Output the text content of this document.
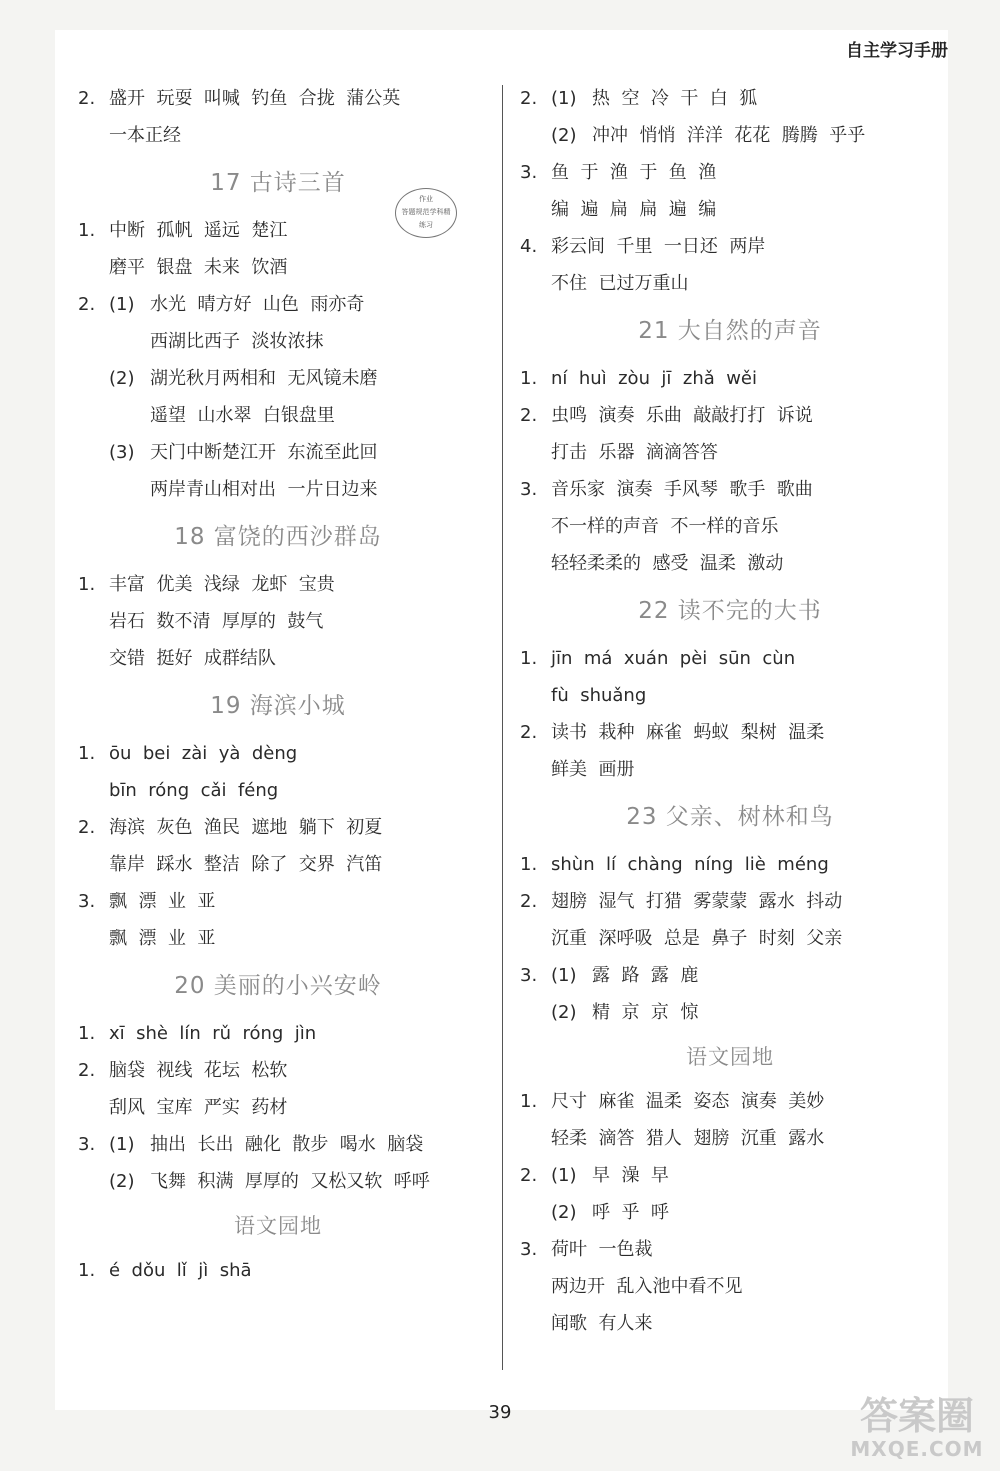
自主学习手册
作业
答题规范学科精
练习
2. 盛开  玩耍  叫喊  钓鱼  合拢  蒲公英
一本正经
17 古诗三首
1. 中断  孤帆  遥远  楚江
磨平  银盘  未来  饮酒
2. (1) 水光  晴方好  山色  雨亦奇
西湖比西子  淡妆浓抹
(2) 湖光秋月两相和  无风镜未磨
遥望  山水翠  白银盘里
(3) 天门中断楚江开  东流至此回
两岸青山相对出  一片日边来
18 富饶的西沙群岛
1. 丰富  优美  浅绿  龙虾  宝贵
岩石  数不清  厚厚的  鼓气
交错  挺好  成群结队
19 海滨小城
1. ōu  bei  zài  yà  dèng
bīn  róng  cǎi  féng
2. 海滨  灰色  渔民  遮地  躺下  初夏
靠岸  踩水  整洁  除了  交界  汽笛
3. 飘  漂  业  亚
飘  漂  业  亚
20 美丽的小兴安岭
1. xī  shè  lín  rǔ  róng  jìn
2. 脑袋  视线  花坛  松软
刮风  宝库  严实  药材
3. (1) 抽出  长出  融化  散步  喝水  脑袋
(2) 飞舞  积满  厚厚的  又松又软  呼呼
语文园地
1. é  dǒu  lǐ  jì  shā
2. (1) 热  空  冷  干  白  狐
(2) 冲冲  悄悄  洋洋  花花  腾腾  乎乎
3. 鱼  于  渔  于  鱼  渔
编  遍  扁  扁  遍  编
4. 彩云间  千里  一日还  两岸
不住  已过万重山
21 大自然的声音
1. ní  huì  zòu  jī  zhǎ  wěi
2. 虫鸣  演奏  乐曲  敲敲打打  诉说
打击  乐器  滴滴答答
3. 音乐家  演奏  手风琴  歌手  歌曲
不一样的声音  不一样的音乐
轻轻柔柔的  感受  温柔  激动
22 读不完的大书
1. jīn  má  xuán  pèi  sūn  cùn
fù  shuǎng
2. 读书  栽种  麻雀  蚂蚁  梨树  温柔
鲜美  画册
23 父亲、树林和鸟
1. shùn  lí  chàng  níng  liè  méng
2. 翅膀  湿气  打猎  雾蒙蒙  露水  抖动
沉重  深呼吸  总是  鼻子  时刻  父亲
3. (1) 露  路  露  鹿
(2) 精  京  京  惊
语文园地
1. 尺寸  麻雀  温柔  姿态  演奏  美妙
轻柔  滴答  猎人  翅膀  沉重  露水
2. (1) 早  澡  早
(2) 呼  乎  呼
3. 荷叶  一色裁
两边开  乱入池中看不见
闻歌  有人来
39	答案圈
MXQE.COM
